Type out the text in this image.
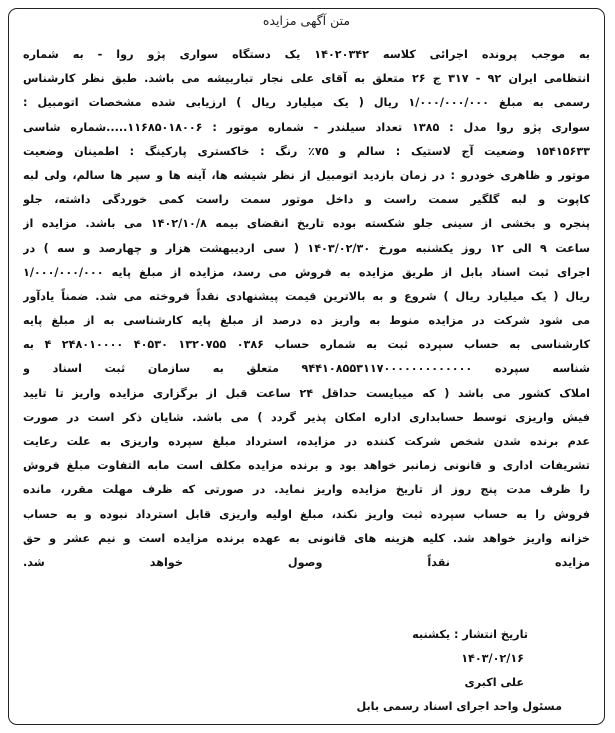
متن آگهی مزایده
به موجب پرونده اجرائی کلاسه ۱۴۰۲۰۳۴۲ یک دستگاه سواری پژو روا - به شماره
انتظامی ایران ۹۲ - ۳۱۷ ج ۲۶ متعلق به آقای علی نجار تباربیشه می باشد. طبق نظر کارشناس
رسمی به مبلغ ۱/۰۰۰/۰۰۰/۰۰۰ ریال ( یک میلیارد ریال ) ارزیابی شده مشخصات اتومبیل :
سواری پژو روا مدل : ۱۳۸۵ تعداد سیلندر - شماره موتور : ۱۱۶۸۵۰۱۸۰۰۶.....شماره شاسی
۱۵۴۱۵۶۳۳ وضعیت آج لاستیک : سالم و ۷۵٪ رنگ : خاکستری پارکینگ : اطمینان وضعیت
موتور و ظاهری خودرو : در زمان بازدید اتومبیل از نظر شیشه ها، آینه ها و سپر ها سالم، ولی لبه
کاپوت و لبه گلگیر سمت راست و داخل موتور سمت راست کمی خوردگی داشته، جلو
پنجره و بخشی از سینی جلو شکسته بوده تاریخ انقضای بیمه ۱۴۰۲/۱۰/۸ می باشد. مزایده از
ساعت ۹ الی ۱۲ روز یکشنبه مورخ ۱۴۰۳/۰۲/۳۰ ( سی اردیبهشت هزار و چهارصد و سه ) در
اجرای ثبت اسناد بابل از طریق مزایده به فروش می رسد، مزایده از مبلغ پایه ۱/۰۰۰/۰۰۰/۰۰۰
ریال ( یک میلیارد ریال ) شروع و به بالاترین قیمت پیشنهادی نقداً فروخته می شد. ضمناً یادآور
می شود شرکت در مزایده منوط به واریز ده درصد از مبلغ پایه کارشناسی به از مبلغ پایه
کارشناسی به حساب سپرده ثبت به شماره حساب ۰۳۸۶ ۱۳۲۰۷۵۵ ۴۰۵۳۰ ۲۴۸۰۱۰۰۰۰ ۴ به
شناسه سپرده ۹۴۴۱۰۸۵۵۳۱۱۷۰۰۰۰۰۰۰۰۰۰۰۰۰ متعلق به سازمان ثبت اسناد و
املاک کشور می باشد ( که میبایست حداقل ۲۴ ساعت قبل از برگزاری مزایده واریز تا تایید
فیش واریزی توسط حسابداری اداره امکان پذیر گردد ) می باشد. شایان ذکر است در صورت
عدم برنده شدن شخص شرکت کننده در مزایده، استرداد مبلغ سپرده واریزی به علت رعایت
تشریفات اداری و قانونی زمانبر خواهد بود و برنده مزایده مکلف است مابه التفاوت مبلغ فروش
را ظرف مدت پنج روز از تاریخ مزایده واریز نماید. در صورتی که ظرف مهلت مقرر، مانده
فروش را به حساب سپرده ثبت واریز نکند، مبلغ اولیه واریزی قابل استرداد نبوده و به حساب
خزانه واریز خواهد شد. کلیه هزینه های قانونی به عهده برنده مزایده است و نیم عشر و حق
مزایده نقداً وصول خواهد شد.
تاریخ انتشار : یکشنبه
۱۴۰۳/۰۲/۱۶
علی اکبری
مسئول واحد اجرای اسناد رسمی بابل
